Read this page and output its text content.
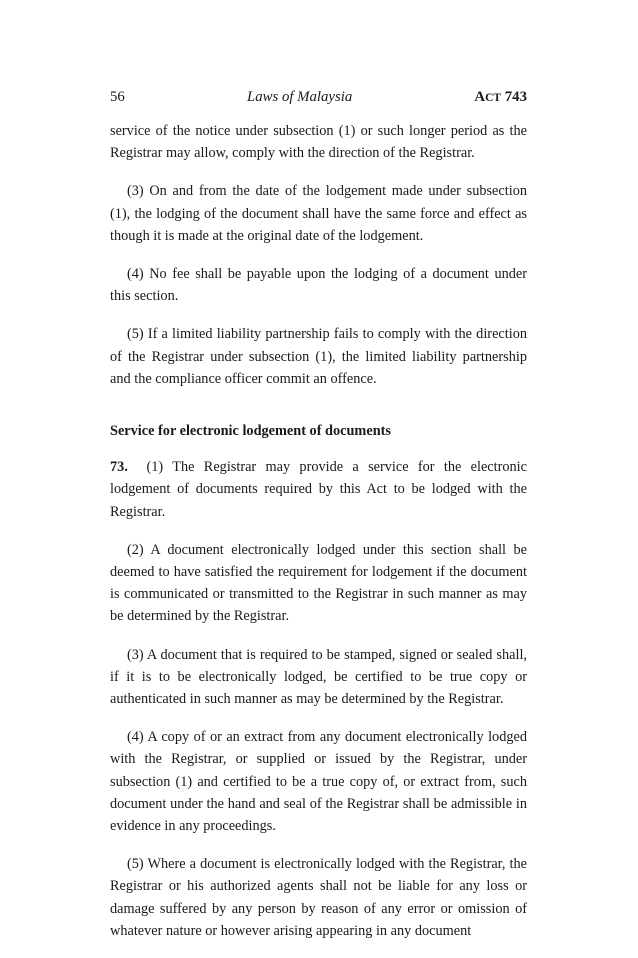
56	Laws of Malaysia	ACT 743

service of the notice under subsection (1) or such longer period as the Registrar may allow, comply with the direction of the Registrar.

(3) On and from the date of the lodgement made under subsection (1), the lodging of the document shall have the same force and effect as though it is made at the original date of the lodgement.

(4) No fee shall be payable upon the lodging of a document under this section.

(5) If a limited liability partnership fails to comply with the direction of the Registrar under subsection (1), the limited liability partnership and the compliance officer commit an offence.

Service for electronic lodgement of documents

73. (1) The Registrar may provide a service for the electronic lodgement of documents required by this Act to be lodged with the Registrar.

(2) A document electronically lodged under this section shall be deemed to have satisfied the requirement for lodgement if the document is communicated or transmitted to the Registrar in such manner as may be determined by the Registrar.

(3) A document that is required to be stamped, signed or sealed shall, if it is to be electronically lodged, be certified to be true copy or authenticated in such manner as may be determined by the Registrar.

(4) A copy of or an extract from any document electronically lodged with the Registrar, or supplied or issued by the Registrar, under subsection (1) and certified to be a true copy of, or extract from, such document under the hand and seal of the Registrar shall be admissible in evidence in any proceedings.

(5) Where a document is electronically lodged with the Registrar, the Registrar or his authorized agents shall not be liable for any loss or damage suffered by any person by reason of any error or omission of whatever nature or however arising appearing in any document
